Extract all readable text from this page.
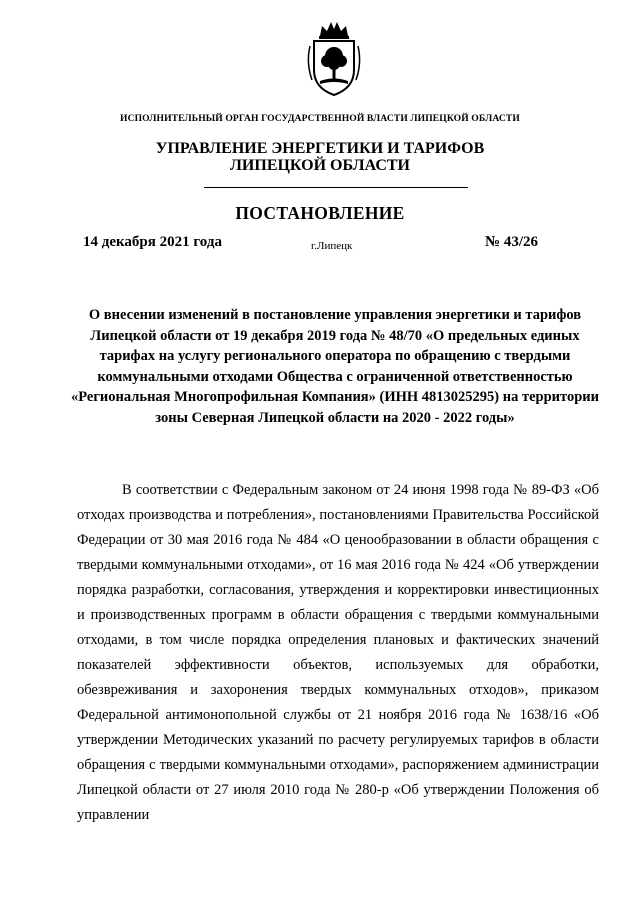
ИСПОЛНИТЕЛЬНЫЙ ОРГАН ГОСУДАРСТВЕННОЙ ВЛАСТИ ЛИПЕЦКОЙ ОБЛАСТИ
УПРАВЛЕНИЕ ЭНЕРГЕТИКИ И ТАРИФОВ
ЛИПЕЦКОЙ ОБЛАСТИ
ПОСТАНОВЛЕНИЕ
14 декабря 2021 года	г.Липецк	№ 43/26
О внесении изменений в постановление управления энергетики и тарифов Липецкой области от 19 декабря 2019 года № 48/70 «О предельных единых тарифах на услугу регионального оператора по обращению с твердыми коммунальными отходами Общества с ограниченной ответственностью «Региональная Многопрофильная Компания» (ИНН 4813025295) на территории зоны Северная Липецкой области на 2020 - 2022 годы»

В соответствии с Федеральным законом от 24 июня 1998 года № 89-ФЗ «Об отходах производства и потребления», постановлениями Правительства Российской Федерации от 30 мая 2016 года № 484 «О ценообразовании в области обращения с твердыми коммунальными отходами», от 16 мая 2016 года № 424 «Об утверждении порядка разработки, согласования, утверждения и корректировки инвестиционных и производственных программ в области обращения с твердыми коммунальными отходами, в том числе порядка определения плановых и фактических значений показателей эффективности объектов, используемых для обработки, обезвреживания и захоронения твердых коммунальных отходов», приказом Федеральной антимонопольной службы от 21 ноября 2016 года № 1638/16 «Об утверждении Методических указаний по расчету регулируемых тарифов в области обращения с твердыми коммунальными отходами», распоряжением администрации Липецкой области от 27 июля 2010 года № 280-р «Об утверждении Положения об управлении
